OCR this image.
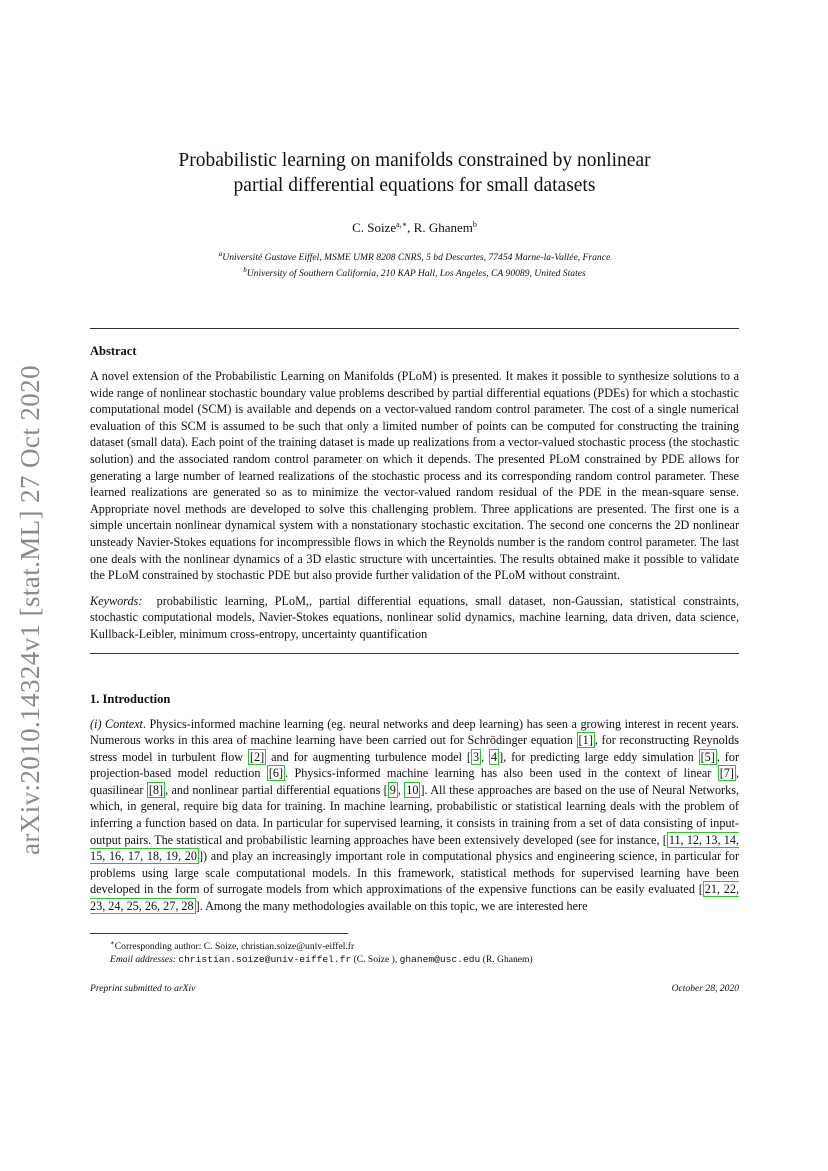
arXiv:2010.14324v1 [stat.ML] 27 Oct 2020
Probabilistic learning on manifolds constrained by nonlinear
partial differential equations for small datasets
C. Soize$^{a,∗}$, R. Ghanem$^b$
$^a$Université Gustave Eiffel, MSME UMR 8208 CNRS, 5 bd Descartes, 77454 Marne-la-Vallée, France
$^b$University of Southern California, 210 KAP Hall, Los Angeles, CA 90089, United States
Abstract
A novel extension of the Probabilistic Learning on Manifolds (PLoM) is presented. It makes it possible to synthesize solutions to a wide range of nonlinear stochastic boundary value problems described by partial differential equations (PDEs) for which a stochastic computational model (SCM) is available and depends on a vector-valued random control parameter. The cost of a single numerical evaluation of this SCM is assumed to be such that only a limited number of points can be computed for constructing the training dataset (small data). Each point of the training dataset is made up realizations from a vector-valued stochastic process (the stochastic solution) and the associated random control parameter on which it depends. The presented PLoM constrained by PDE allows for generating a large number of learned realizations of the stochastic process and its corresponding random control parameter. These learned realizations are generated so as to minimize the vector-valued random residual of the PDE in the mean-square sense. Appropriate novel methods are developed to solve this challenging problem. Three applications are presented. The first one is a simple uncertain nonlinear dynamical system with a nonstationary stochastic excitation. The second one concerns the 2D nonlinear unsteady Navier-Stokes equations for incompressible flows in which the Reynolds number is the random control parameter. The last one deals with the nonlinear dynamics of a 3D elastic structure with uncertainties. The results obtained make it possible to validate the PLoM constrained by stochastic PDE but also provide further validation of the PLoM without constraint.
Keywords: probabilistic learning, PLoM,, partial differential equations, small dataset, non-Gaussian, statistical constraints, stochastic computational models, Navier-Stokes equations, nonlinear solid dynamics, machine learning, data driven, data science, Kullback-Leibler, minimum cross-entropy, uncertainty quantification
1. Introduction
(i) Context. Physics-informed machine learning (eg. neural networks and deep learning) has seen a growing interest in recent years. Numerous works in this area of machine learning have been carried out for Schrödinger equation [1] , for reconstructing Reynolds stress model in turbulent flow [2] and for augmenting turbulence model [ 3 , 4 ], for predicting large eddy simulation [5] , for projection-based model reduction [6] . Physics-informed machine learning has also been used in the context of linear [7] , quasilinear [8] , and nonlinear partial differential equations [ 9 , 10 ]. All these approaches are based on the use of Neural Networks, which, in general, require big data for training. In machine learning, probabilistic or statistical learning deals with the problem of inferring a function based on data. In particular for supervised learning, it consists in training from a set of data consisting of input-output pairs. The statistical and probabilistic learning approaches have been extensively developed (see for instance, [ 11, 12, 13, 14, 15, 16, 17, 18, 19, 20 ]) and play an increasingly important role in computational physics and engineering science, in particular for problems using large scale computational models. In this framework, statistical methods for supervised learning have been developed in the form of surrogate models from which approximations of the expensive functions can be easily evaluated [ 21, 22, 23, 24, 25, 26, 27, 28 ]. Among the many methodologies available on this topic, we are interested here
∗Corresponding author: C. Soize, christian.soize@univ-eiffel.fr
Email addresses: christian.soize@univ-eiffel.fr (C. Soize ), ghanem@usc.edu (R. Ghanem)
Preprint submitted to arXiv	October 28, 2020
